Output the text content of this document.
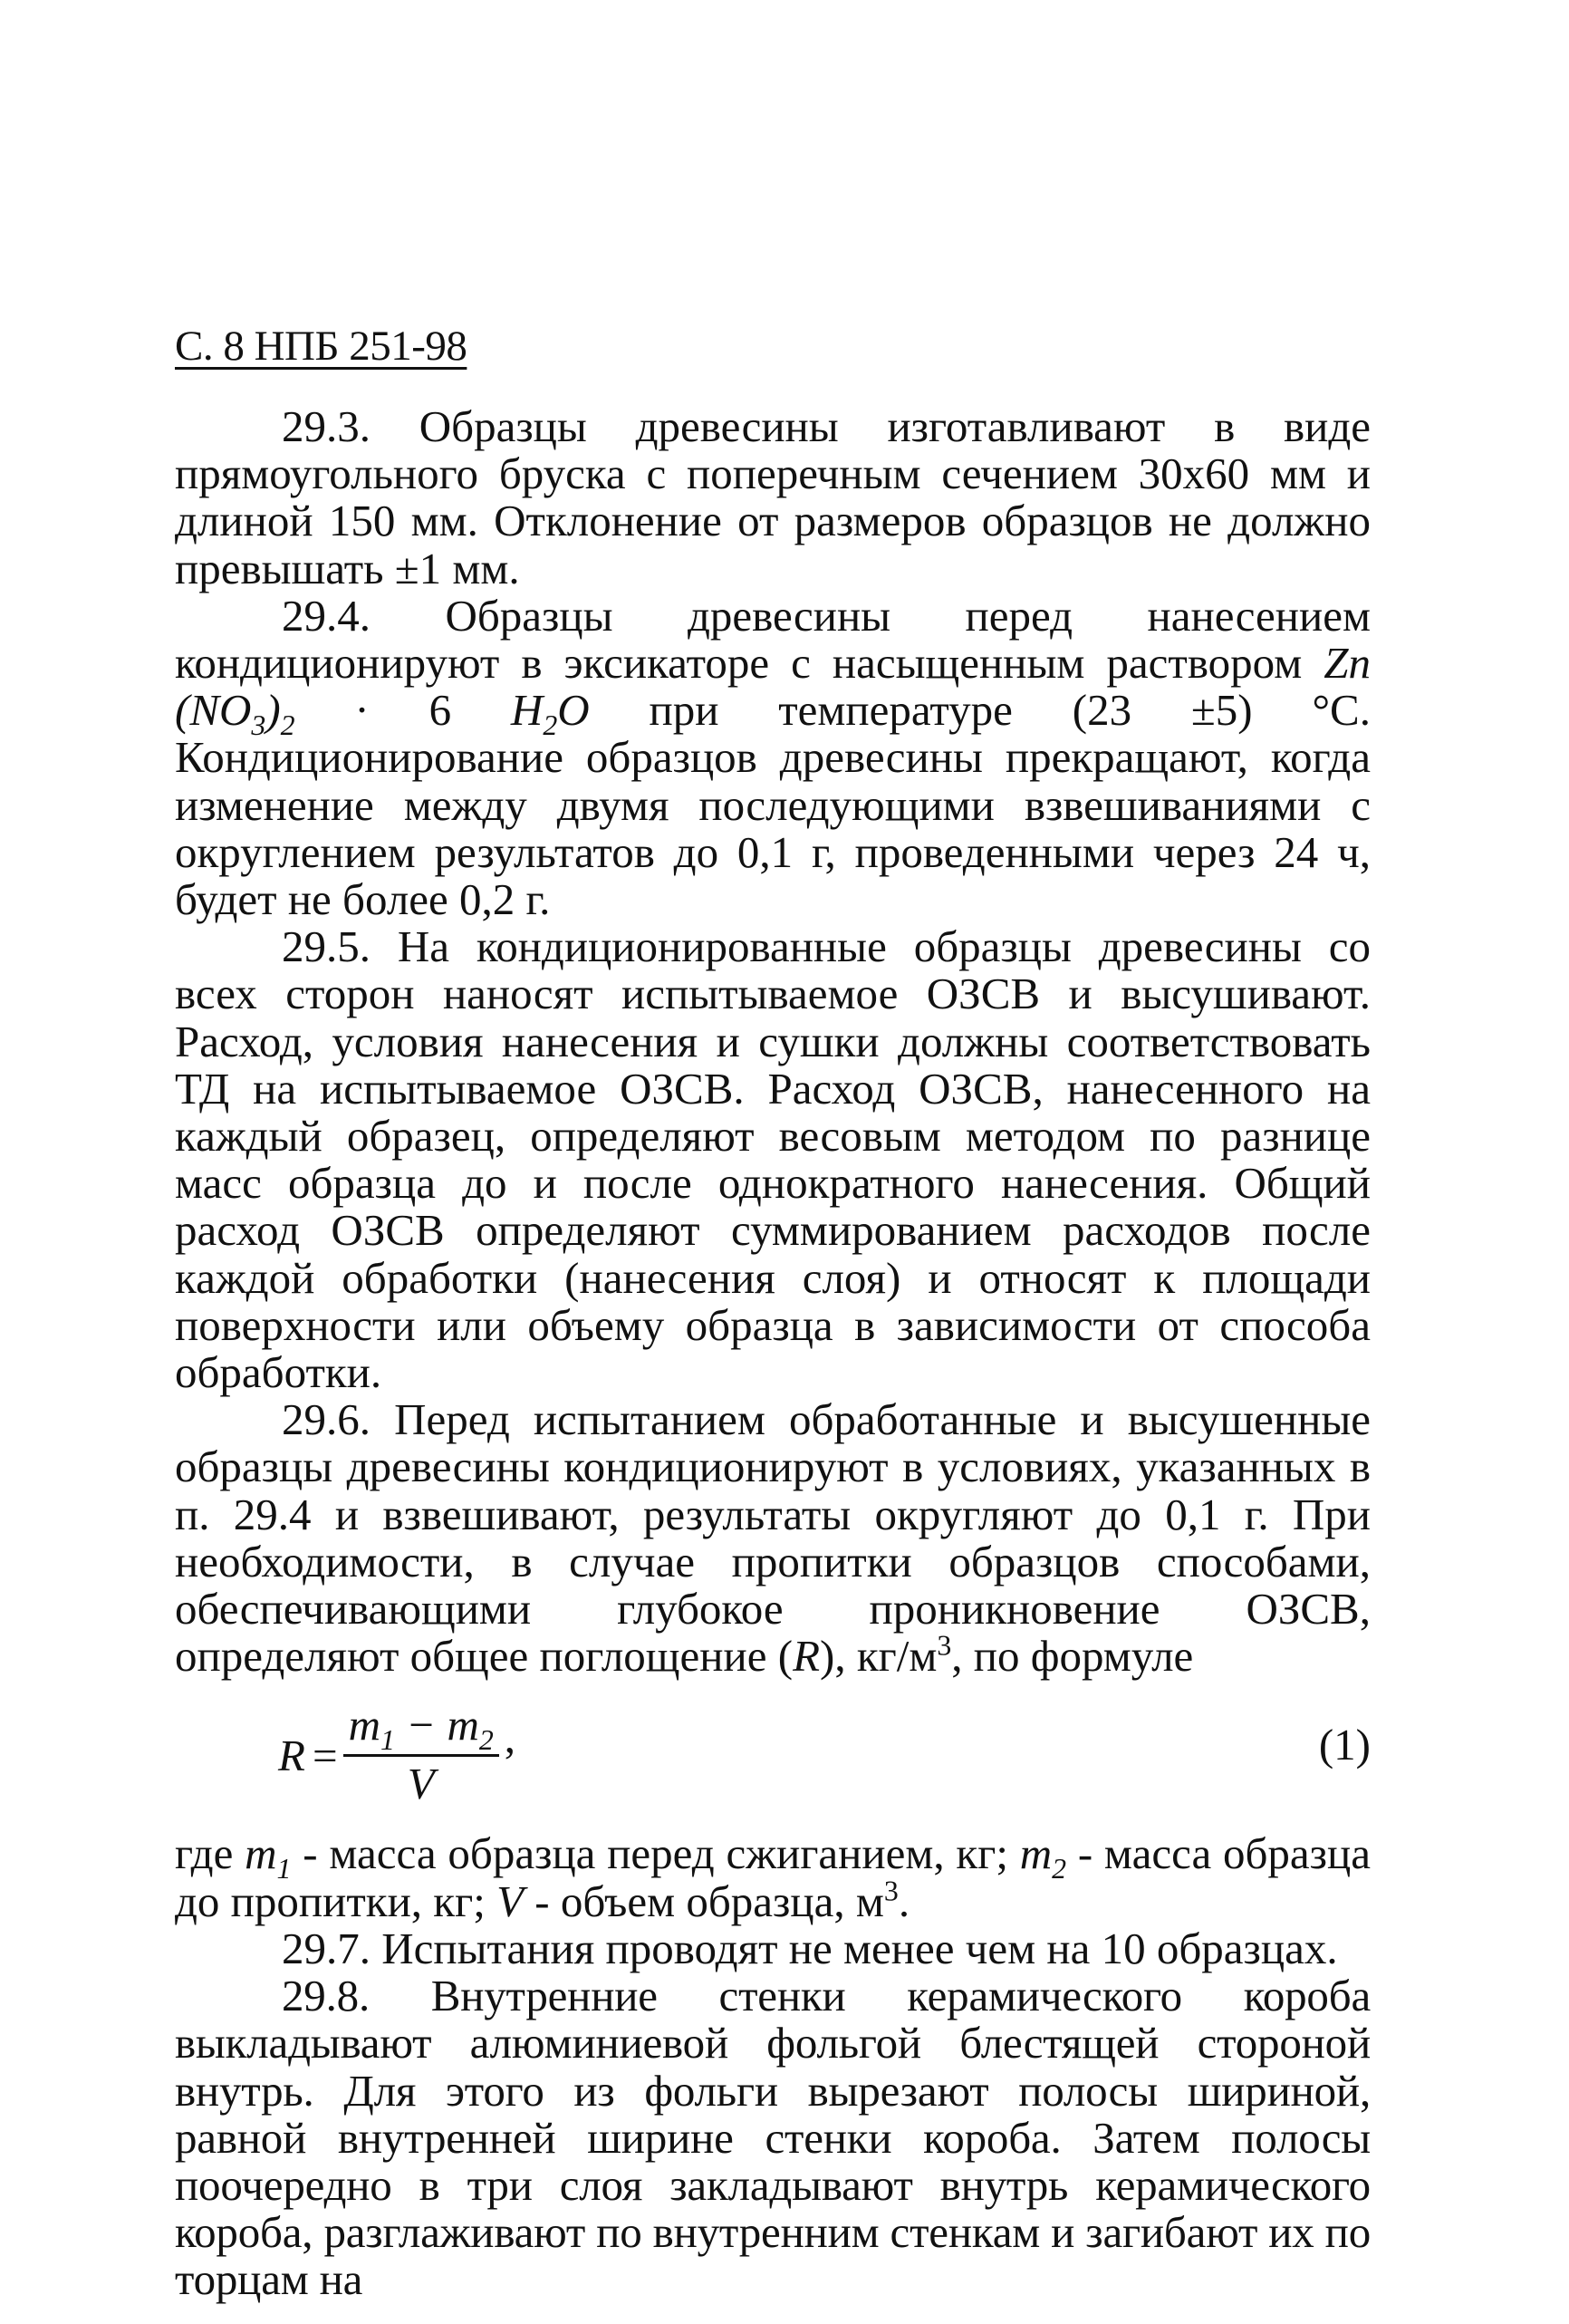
С. 8 НПБ 251-98

29.3. Образцы древесины изготавливают в виде прямоугольного бруска с поперечным сечением 30х60 мм и длиной 150 мм. Отклонение от размеров образцов не должно превышать ±1 мм.

29.4. Образцы древесины перед нанесением кондиционируют в эксикаторе с насыщенным раствором Zn $(NO_3)_2 \cdot 6$ $H_2O$ при температуре (23 ±5) °С. Кондиционирование образцов древесины прекращают, когда изменение между двумя последующими взвешиваниями с округлением результатов до 0,1 г, проведенными через 24 ч, будет не более 0,2 г.

29.5. На кондиционированные образцы древесины со всех сторон наносят испытываемое ОЗСВ и высушивают. Расход, условия нанесения и сушки должны соответствовать ТД на испытываемое ОЗСВ. Расход ОЗСВ, нанесенного на каждый образец, определяют весовым методом по разнице масс образца до и после однократного нанесения. Общий расход ОЗСВ определяют суммированием расходов после каждой обработки (нанесения слоя) и относят к площади поверхности или объему образца в зависимости от способа обработки.

29.6. Перед испытанием обработанные и высушенные образцы древесины кондиционируют в условиях, указанных в п. 29.4 и взвешивают, результаты округляют до 0,1 г. При необходимости, в случае пропитки образцов способами, обеспечивающими глубокое проникновение ОЗСВ, определяют общее поглощение (R), $кг/м^3$, по формуле

$R = \frac{m_1 - m_2}{V}$ ,	(1)

где $m_1$ - масса образца перед сжиганием, кг; $m_2$ - масса образца до пропитки, кг; V - объем образца, $м^3$.

29.7. Испытания проводят не менее чем на 10 образцах.

29.8. Внутренние стенки керамического короба выкладывают алюминиевой фольгой блестящей стороной внутрь. Для этого из фольги вырезают полосы шириной, равной внутренней ширине стенки короба. Затем полосы поочередно в три слоя закладывают внутрь керамического короба, разглаживают по внутренним стенкам и загибают их по торцам на
